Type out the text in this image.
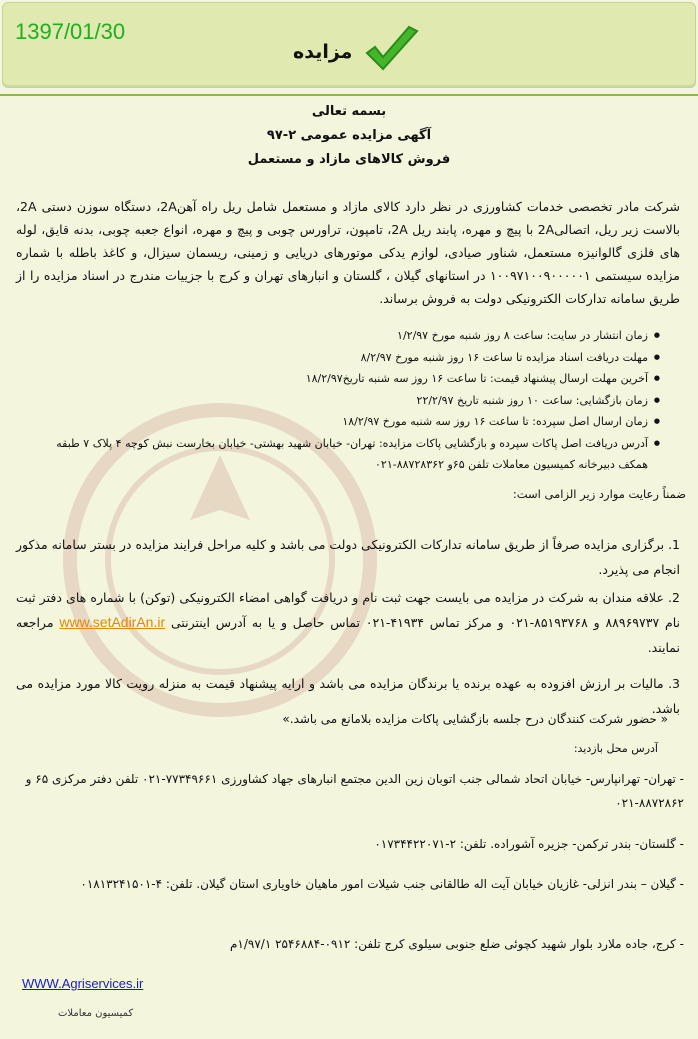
1397/01/30
مزایده
بسمه تعالی
آگهی مزایده عمومی ۲-۹۷
فروش کالاهای مازاد و مستعمل

شرکت مادر تخصصی خدمات کشاورزی در نظر دارد کالای مازاد و مستعمل شامل ریل راه آهن2A، دستگاه سوزن دستی 2A، بالاست زیر ریل، اتصالی2A با پیچ و مهره، پابند ریل 2A، تامپون، تراورس چوبی و پیچ و مهره، انواع جعبه چوبی، بدنه قایق، لوله های فلزی گالوانیزه مستعمل، شناور صیادی، لوازم یدکی موتورهای دریایی و زمینی، ریسمان سیزال، و کاغذ باطله با شماره مزایده سیستمی ۱۰۰۹۷۱۰۰۹۰۰۰۰۰۱ در استانهای گیلان ، گلستان و انبارهای تهران و کرج با جزییات مندرج در اسناد مزایده را از طریق سامانه تدارکات الکترونیکی دولت به فروش برساند.

● زمان انتشار در سایت: ساعت ۸ روز شنبه مورخ ۱/۲/۹۷
● مهلت دریافت اسناد مزایده تا ساعت ۱۶ روز شنبه مورخ ۸/۲/۹۷
● آخرین مهلت ارسال پیشنهاد قیمت: تا ساعت ۱۶ روز سه شنبه تاریخ۱۸/۲/۹۷
● زمان بازگشایی: ساعت ۱۰ روز شنبه تاریخ ۲۲/۲/۹۷
● زمان ارسال اصل سپرده: تا ساعت ۱۶ روز سه شنبه مورخ ۱۸/۲/۹۷
● آدرس دریافت اصل پاکات سپرده و بازگشایی پاکات مزایده: تهران- خیابان شهید بهشتی- خیابان بخارست نبش کوچه ۴ پلاک ۷ طبقه همکف دبیرخانه کمیسیون معاملات تلفن ۶۵و ۸۸۷۲۸۳۶۲-۰۲۱
ضمناً رعایت موارد زیر الزامی است:

1. برگزاری مزایده صرفاً از طریق سامانه تدارکات الکترونیکی دولت می باشد و کلیه مراحل فرایند مزایده در بستر سامانه مذکور انجام می پذیرد.

2. علاقه مندان به شرکت در مزایده می بایست جهت ثبت نام و دریافت گواهی امضاء الکترونیکی (توکن) با شماره های دفتر ثبت نام ۸۸۹۶۹۷۳۷ و ۸۵۱۹۳۷۶۸-۰۲۱ و مرکز تماس ۴۱۹۳۴-۰۲۱ تماس حاصل و یا به آدرس اینترنتی www.setAdirAn.ir مراجعه نمایند.

3. مالیات بر ارزش افزوده به عهده برنده یا برندگان مزایده می باشد و ارایه پیشنهاد قیمت به منزله رویت کالا مورد مزایده می باشد.

« حضور شرکت کنندگان درح جلسه بازگشایی پاکات مزایده بلامانع می باشد.»
آدرس محل بازدید:
- تهران- تهرانپارس- خیابان اتحاد شمالی جنب اتوبان زین الدین مجتمع انبارهای جهاد کشاورزی ۷۷۳۴۹۶۶۱-۰۲۱ تلفن دفتر مرکزی ۶۵ و ۸۸۷۲۸۶۲-۰۲۱
- گلستان- بندر ترکمن- جزیره آشوراده. تلفن: ۲-۰۱۷۳۴۴۲۲۰۷۱
- گیلان – بندر انزلی- غازیان خیابان آیت اله طالقانی جنب شیلات امور ماهیان خاویاری استان گیلان. تلفن: ۴-۰۱۸۱۳۲۴۱۵۰۱
- کرج، جاده ملارد بلوار شهید کچوئی ضلع جنوبی سیلوی کرج تلفن: ۰۹۱۲-۲۵۴۶۸۸۴ ۱/۹۷/۱م
WWW.Agriservices.ir
کمیسیون معاملات
